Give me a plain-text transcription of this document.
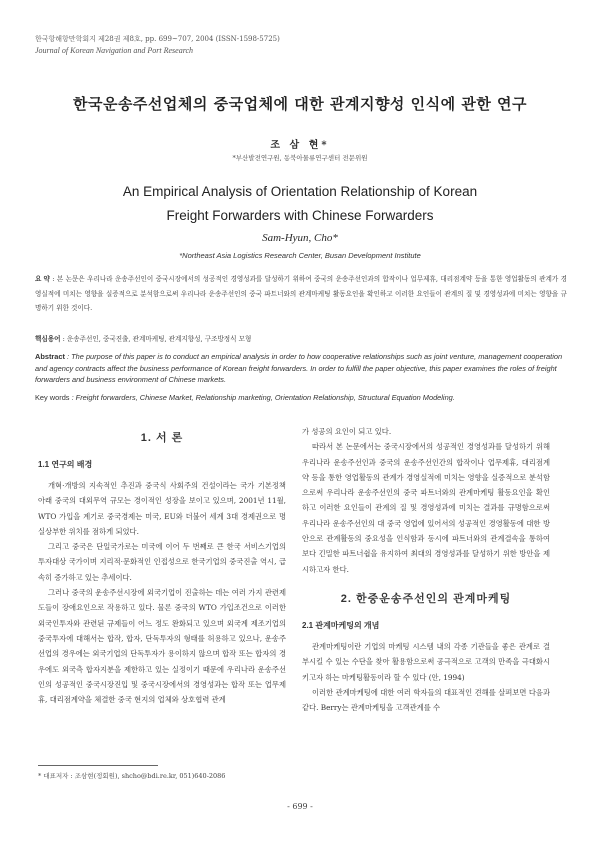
한국항해항만학회지 제28권 제8호, pp. 699~707, 2004 (ISSN-1598-5725)
Journal of Korean Navigation and Port Research
한국운송주선업체의 중국업체에 대한 관계지향성 인식에 관한 연구
조 삼 현*
*부산발전연구원, 동북아물류연구센터 전문위원
An Empirical Analysis of Orientation Relationship of Korean
Freight Forwarders with Chinese Forwarders
Sam-Hyun, Cho*
*Northeast Asia Logistics Research Center, Busan Development Institute
요 약 : 본 논문은 우리나라 운송주선인이 중국시장에서의 성공적인 경영성과를 달성하기 위하여 중국의 운송주선인과의 합작이나 업무제휴, 대리점계약 등을 통한 영업활동의 관계가 경영실적에 미치는 영향을 실증적으로 분석함으로써 우리나라 운송주선인의 중국 파트너와의 관계마케팅 활동요인을 확인하고 이러한 요인들이 관계의 질 및 경영성과에 미치는 영향을 규명하기 위한 것이다.
핵심용어 : 운송주선인, 중국진출, 관계마케팅, 관계지향성, 구조방정식 모형
Abstract : The purpose of this paper is to conduct an empirical analysis in order to how cooperative relationships such as joint venture, management cooperation and agency contracts affect the business performance of Korean freight forwarders. In order to fulfill the paper objective, this paper examines the roles of freight forwarders and business environment of Chinese markets.
Key words : Freight forwarders, Chinese Market, Relationship marketing, Orientation Relationship, Structural Equation Modeling.
1. 서 론
1.1 연구의 배경

개혁·개방의 지속적인 추진과 중국식 사회주의 건설이라는 국가 기본정책 아래 중국의 대외무역 규모는 경이적인 성장을 보이고 있으며, 2001년 11월, WTO 가입을 계기로 중국경제는 미국, EU와 더불어 세계 3대 경제권으로 명실상부한 위치를 점하게 되었다.

그리고 중국은 단일국가로는 미국에 이어 두 번째로 큰 한국 서비스기업의 투자대상 국가이며 지리적·문화적인 인접성으로 한국기업의 중국진출 역시, 급속히 증가하고 있는 추세이다.

그러나 중국의 운송주선시장에 외국기업이 진출하는 데는 여러 가지 관련제도들이 장애요인으로 작용하고 있다. 물론 중국의 WTO 가입조건으로 이러한 외국인투자와 관련된 규제들이 어느 정도 완화되고 있으며 외국계 제조기업의 중국투자에 대해서는 합작, 합자, 단독투자의 형태를 허용하고 있으나, 운송주선업의 경우에는 외국기업의 단독투자가 용이하지 않으며 합작 또는 합자의 경우에도 외국측 합자지분을 제한하고 있는 실정이기 때문에 우리나라 운송주선인의 성공적인 중국시장진입 및 중국시장에서의 경영성과는 합작 또는 업무제휴, 대리점계약을 체결한 중국 현지의 업체와 상호협력 관계

가 성공의 요인이 되고 있다.

따라서 본 논문에서는 중국시장에서의 성공적인 경영성과를 달성하기 위해 우리나라 운송주선인과 중국의 운송주선인간의 합작이나 업무제휴, 대리점계약 등을 통한 영업활동의 관계가 경영실적에 미치는 영향을 실증적으로 분석함으로써 우리나라 운송주선인의 중국 파트너와의 관계마케팅 활동요인을 확인하고 이러한 요인들이 관계의 질 및 경영성과에 미치는 결과를 규명함으로써 우리나라 운송주선인의 대 중국 영업에 있어서의 성공적인 경영활동에 대한 방안으로 관계활동의 중요성을 인식함과 동시에 파트너와의 관계결속을 통하여 보다 긴밀한 파트너쉽을 유지하여 최대의 경영성과를 달성하기 위한 방안을 제시하고자 한다.

2. 한중운송주선인의 관계마케팅
2.1 관계마케팅의 개념

관계마케팅이란 기업의 마케팅 시스템 내의 각종 기관들을 좋은 관계로 결부시킬 수 있는 수단을 찾아 활용함으로써 공극적으로 고객의 만족을 극대화시키고자 하는 마케팅활동이라 할 수 있다 (안, 1994)

이러한 관계마케팅에 대한 여러 학자들의 대표적인 견해를 살펴보면 다음과 같다. Berry는 관계마케팅을 고객관계를 수

* 대표저자 : 조삼현(정회원), shcho@bdi.re.kr, 051)640-2086
- 699 -
